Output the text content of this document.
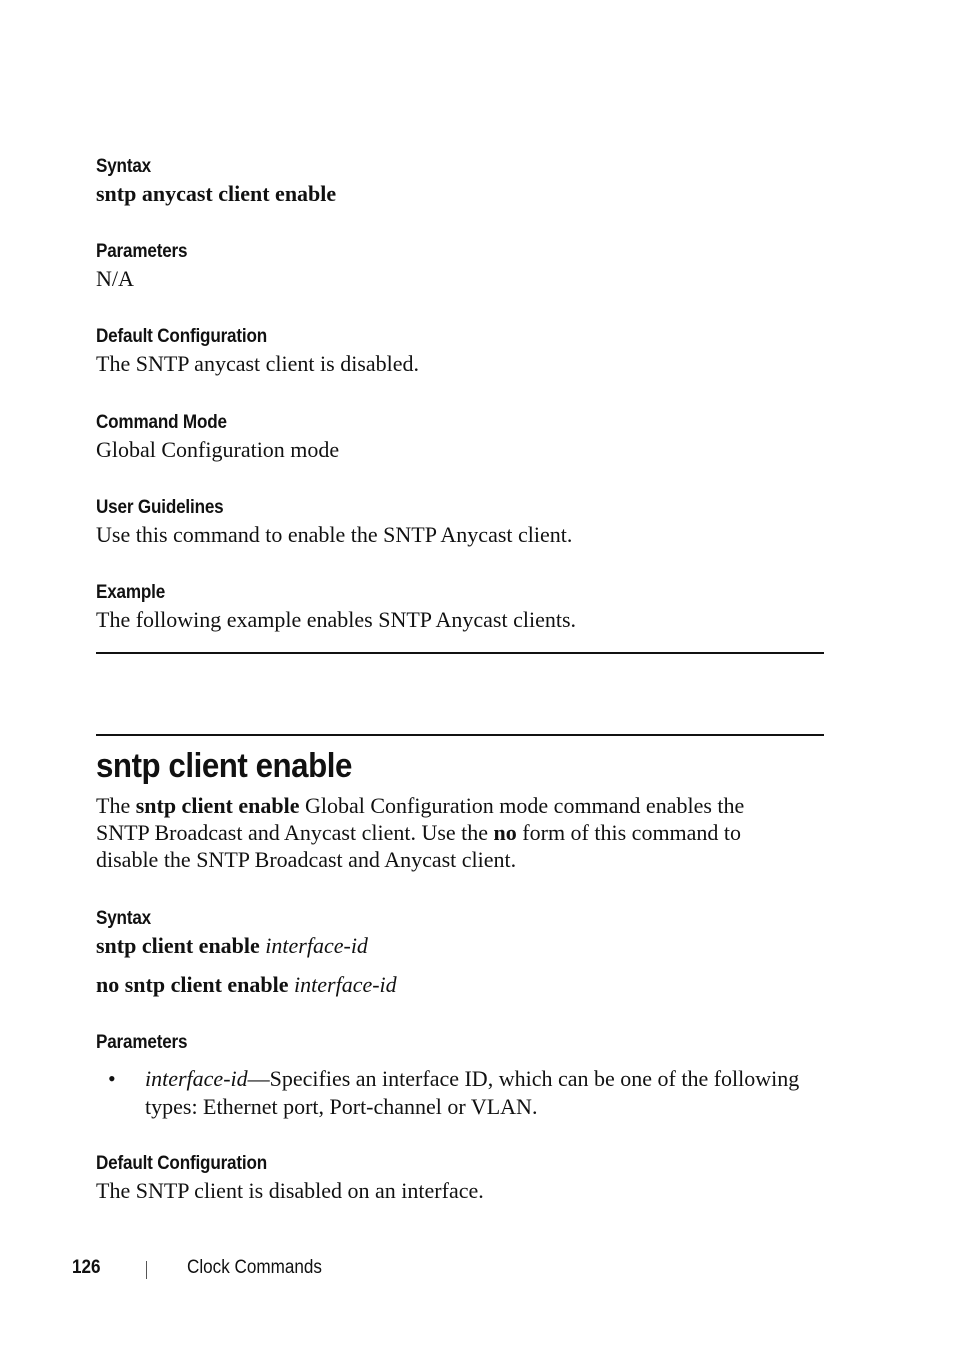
Syntax
sntp anycast client enable
Parameters
N/A
Default Configuration
The SNTP anycast client is disabled.
Command Mode
Global Configuration mode
User Guidelines
Use this command to enable the SNTP Anycast client.
Example
The following example enables SNTP Anycast clients.
sntp client enable
The sntp client enable Global Configuration mode command enables the
SNTP Broadcast and Anycast client. Use the no form of this command to
disable the SNTP Broadcast and Anycast client.
Syntax
sntp client enable interface-id
no sntp client enable interface-id
Parameters
• interface-id—Specifies an interface ID, which can be one of the following types: Ethernet port, Port-channel or VLAN.
Default Configuration
The SNTP client is disabled on an interface.
126	Clock Commands
